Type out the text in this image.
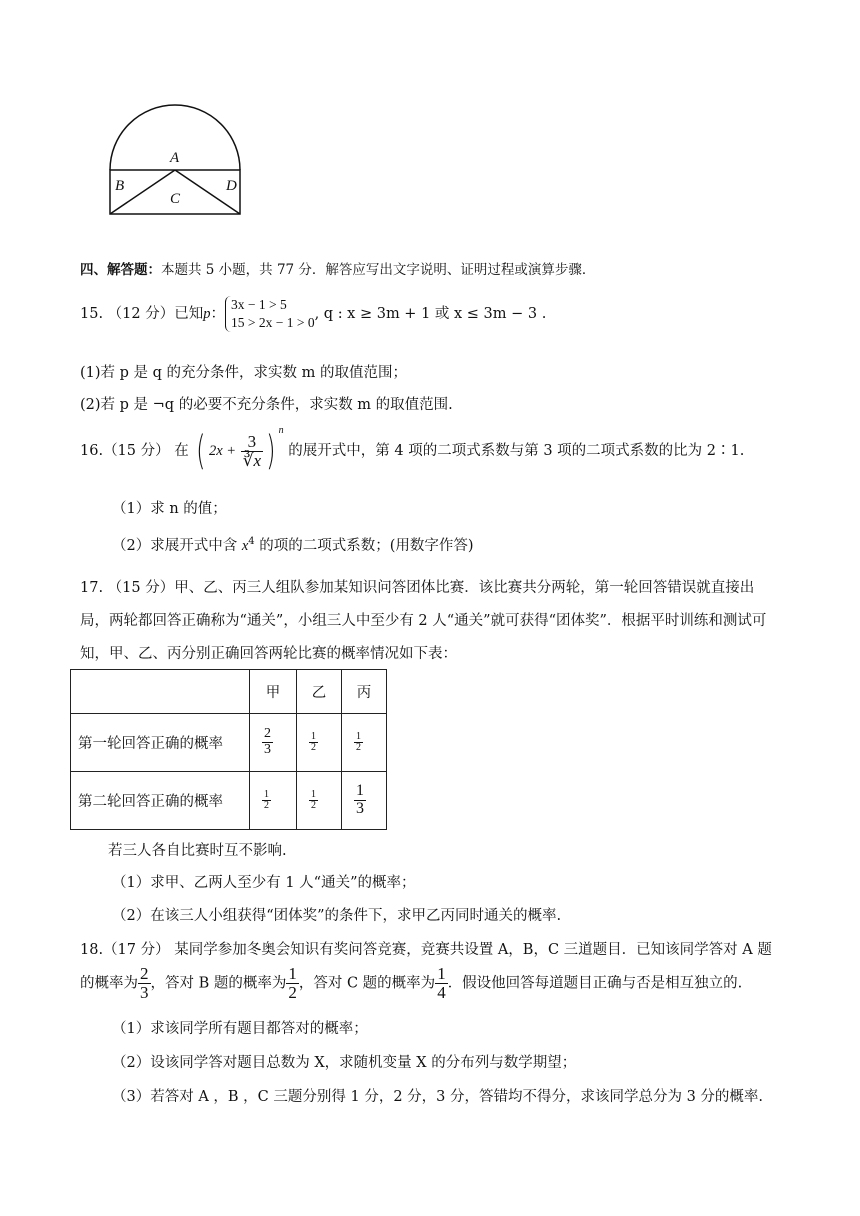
A
B
C
D
四、解答题：本题共 5 小题，共 77 分．解答应写出文字说明、证明过程或演算步骤．
15. （12 分）已知p：
3x − 1 > 5
15 > 2x − 1 > 0
, q : x ≥ 3m + 1 或 x ≤ 3m − 3 .
(1)若 p 是 q 的充分条件，求实数 m 的取值范围；
(2)若 p 是 ¬q 的必要不充分条件，求实数 m 的取值范围.
16.（15 分） 在 ( $2x + \frac{3}{∛x}$ ) $^n$ 的展开式中，第 4 项的二项式系数与第 3 项的二项式系数的比为 2∶1.
（1）求 n 的值；
（2）求展开式中含 $x^4$ 的项的二项式系数；(用数字作答)
17. （15 分）甲、乙、丙三人组队参加某知识问答团体比赛．该比赛共分两轮，第一轮回答错误就直接出
局，两轮都回答正确称为“通关”，小组三人中至少有 2 人“通关”就可获得“团体奖”．根据平时训练和测试可
知，甲、乙、丙分别正确回答两轮比赛的概率情况如下表：
	甲	乙	丙
第一轮回答正确的概率	$\frac{2}{3}$	$\frac{1}{2}$	$\frac{1}{2}$

第二轮回答正确的概率	$\frac{1}{2}$	$\frac{1}{2}$	$\frac{1}{3}$
若三人各自比赛时互不影响.
（1）求甲、乙两人至少有 1 人“通关”的概率；
（2）在该三人小组获得“团体奖”的条件下，求甲乙丙同时通关的概率.
18.（17 分） 某同学参加冬奥会知识有奖问答竞赛，竞赛共设置 A，B，C 三道题目．已知该同学答对 A 题
的概率为 $\frac{2}{3}$ ，答对 B 题的概率为 $\frac{1}{2}$ ，答对 C 题的概率为 $\frac{1}{4}$ ．假设他回答每道题目正确与否是相互独立的.
（1）求该同学所有题目都答对的概率；
（2）设该同学答对题目总数为 X，求随机变量 X 的分布列与数学期望；
（3）若答对 A ，B ，C 三题分别得 1 分，2 分，3 分，答错均不得分，求该同学总分为 3 分的概率.
